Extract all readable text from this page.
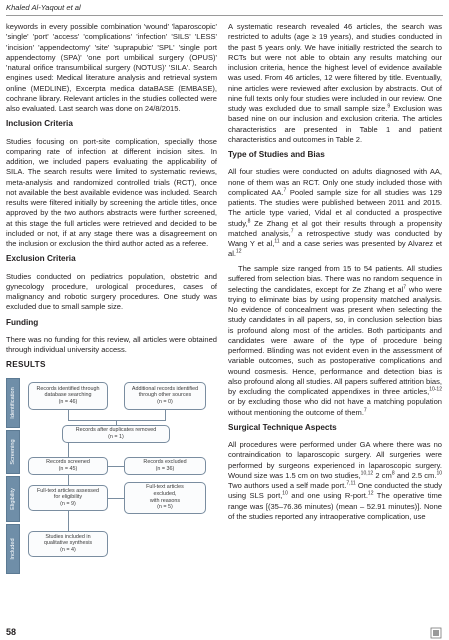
Khaled Al-Yaqout et al

keywords in every possible combination 'wound' 'laparoscopic' 'single' 'port' 'access' 'complications' 'infection' 'SILS' 'LESS' 'incision' 'appendectomy' 'site' 'suprapubic' 'SPL' 'single port appendectomy (SPA)' 'one port umbilical surgery (OPUS)' 'natural orifice transumbilical surgery (NOTUS)' 'SILA'. Search engines used: Medical literature analysis and retrieval system online (MEDLINE), Excerpta medica dataBASE (EMBASE), cochrane library. Relevant articles in the studies collected were also evaluated. Last search was done on 24/8/2015.

Inclusion Criteria

Studies focusing on port-site complication, specially those comparing rate of infection at different incision sites. In addition, we included papers evaluating the applicability of SILA. The search results were limited to systematic reviews, meta-analysis and randomized controlled trials (RCT), once not available the best available evidence was included. Search results were filtered initially by screening the article titles, once approved by the two authors abstracts were further screened, at this stage the full articles were retrieved and decided to be included or not, if at any stage there was a disagreement on the inclusion or exclusion the third author acted as a referee.

Exclusion Criteria

Studies conducted on pediatrics population, obstetric and gynecology procedure, urological procedures, cases of malignancy and robotic surgery procedures. One study was excluded due to small sample size.

Funding

There was no funding for this review, all articles were obtained through individual university access.

RESULTS
Identification
Screening
Eligibility
Included
Records identified through
database searching
(n = 46)
Additional records identified
through other sources
(n = 0)
Records after duplicates removed
(n = 1)
Records screened
(n = 45)
Records excluded
(n = 36)
Full-text articles assessed
for eligibility
(n = 9)
Full-text articles
excluded,
with reasons
(n = 5)
Studies included in
qualitative synthesis
(n = 4)

A systematic research revealed 46 articles, the search was restricted to adults (age ≥ 19 years), and studies conducted in the past 5 years only. We have initially restricted the search to RCTs but were not able to obtain any results matching our inclusion criteria, hence the highest level of evidence available was used. From 46 articles, 12 were filtered by title. Eventually, nine articles were reviewed after exclusion by abstracts. Out of nine full texts only four studies were included in our review. One study was excluded due to small sample size.$^9$ Exclusion was based nine on our inclusion and exclusion criteria. The articles characteristics are presented in Table 1 and patient characteristics and outcomes in Table 2.

Type of Studies and Bias

All four studies were conducted on adults diagnosed with AA, none of them was an RCT. Only one study included those with complicated AA.$^7$ Pooled sample size for all studies was 129 patients. The studies were published between 2011 and 2015. The article type varied, Vidal et al conducted a prospective study,$^8$ Ze Zhang et al got their results through a propensity matched analysis,$^7$ a retrospective study was conducted by Wang Y et al,$^{11}$ and a case series was presented by Alvarez et al.$^{12}$

The sample size ranged from 15 to 54 patients. All studies suffered from selection bias. There was no random sequence in selecting the candidates, except for Ze Zhang et $al^7$ who were trying to eliminate bias by using propensity matched analysis. No evidence of concealment was present when selecting the study candidates in all papers, so, in conclusion selection bias is profound along most of the articles. Both participants and candidates were aware of the type of procedure being performed. Blinding was not evident even in the assessment of variable outcomes, such as postoperative complications and wound cosmesis. Hence, performance and detection bias is also profound along all studies. All papers suffered attrition bias, by excluding the complicated appendixes in three articles,$^{10-12}$ or by excluding those who did not have a matching population without mentioning the outcome of them.$^7$

Surgical Technique Aspects

All procedures were performed under GA where there was no contraindication to laparoscopic surgery. All surgeries were performed by surgeons experienced in laparoscopic surgery. Wound size was 1.5 cm on two studies,$^{10,12}$ 2 $cm^8$ and 2.5 cm.$^{10}$ Two authors used a self made port.$^{7,11}$ One conducted the study using SLS port,$^{10}$ and one using R-port.$^{12}$ The operative time range was [(35–76.36 minutes) (mean – 52.91 minutes)]. None of the studies reported any intraoperative complication, use

58
